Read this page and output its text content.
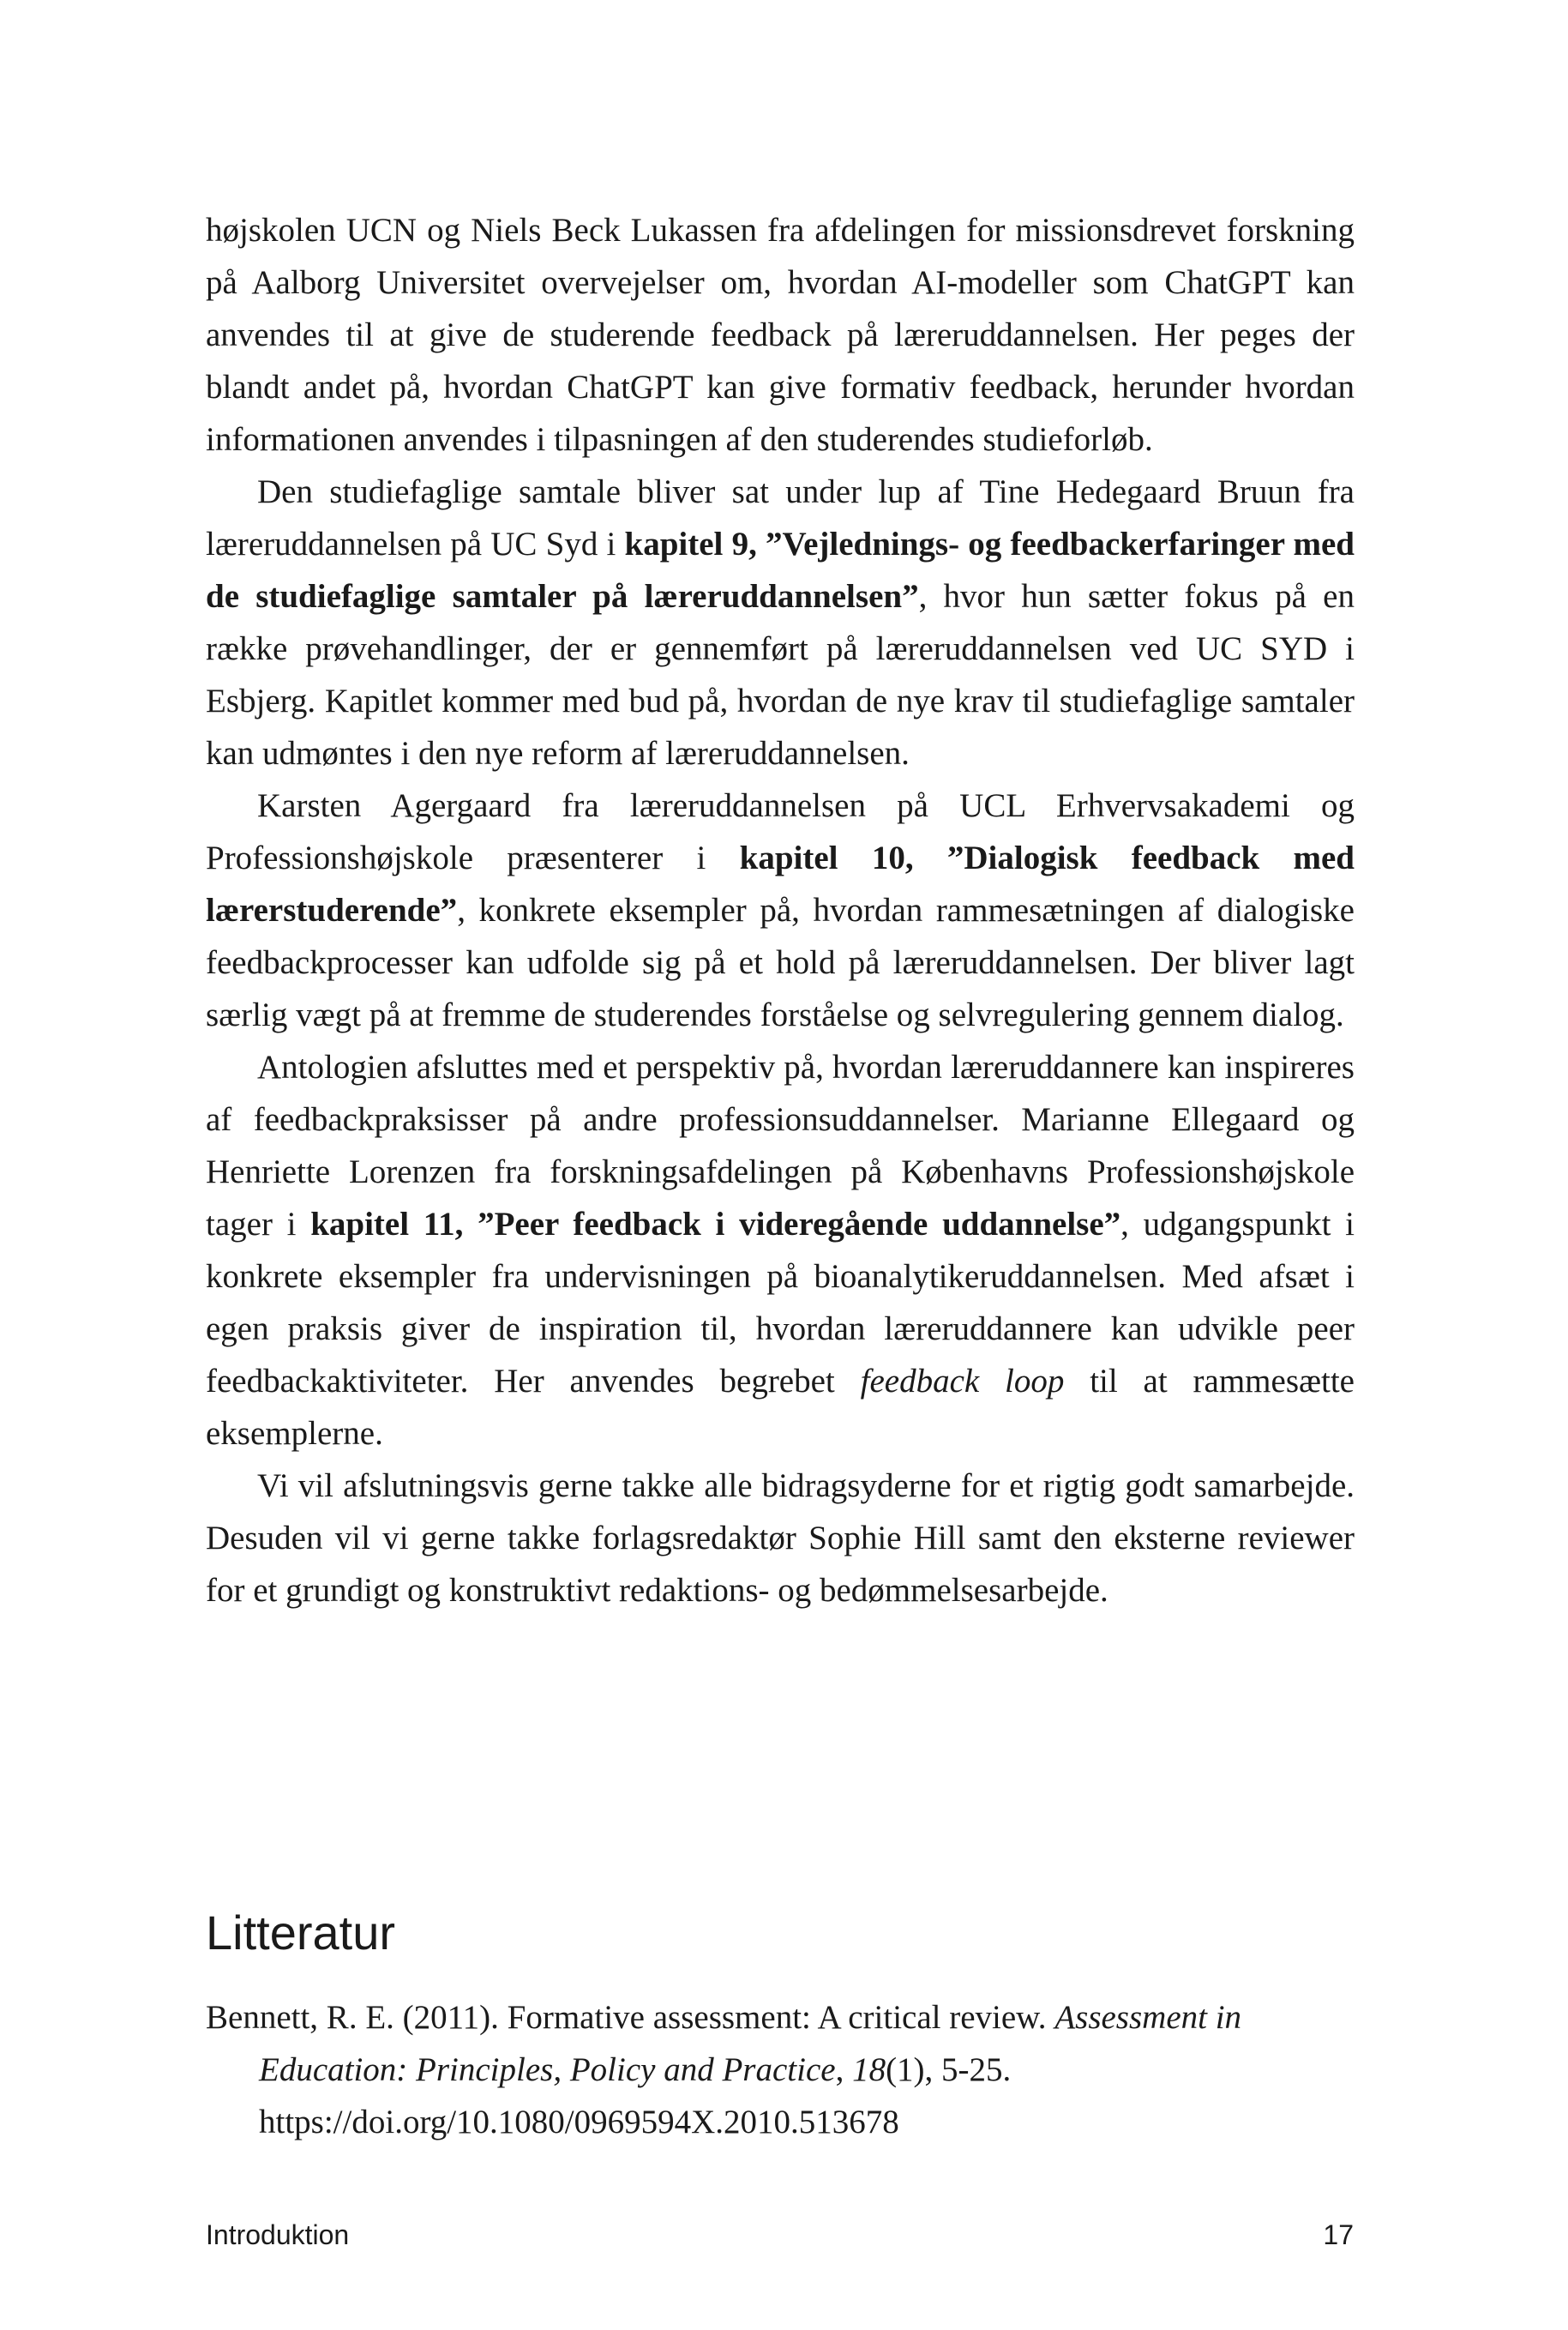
højskolen UCN og Niels Beck Lukassen fra afdelingen for missionsdrevet forskning på Aalborg Universitet overvejelser om, hvordan AI-modeller som ChatGPT kan anvendes til at give de studerende feedback på læreruddannelsen. Her peges der blandt andet på, hvordan ChatGPT kan give formativ feedback, herunder hvordan informationen anvendes i tilpasningen af den studerendes studieforløb.

Den studiefaglige samtale bliver sat under lup af Tine Hedegaard Bruun fra læreruddannelsen på UC Syd i kapitel 9, ”Vejlednings- og feedbackerfaringer med de studiefaglige samtaler på læreruddannelsen”, hvor hun sætter fokus på en række prøvehandlinger, der er gennemført på læreruddannelsen ved UC SYD i Esbjerg. Kapitlet kommer med bud på, hvordan de nye krav til studiefaglige samtaler kan udmøntes i den nye reform af læreruddannelsen.

Karsten Agergaard fra læreruddannelsen på UCL Erhvervsakademi og Professionshøjskole præsenterer i kapitel 10, ”Dialogisk feedback med lærerstuderende”, konkrete eksempler på, hvordan rammesætningen af dialogiske feedbackprocesser kan udfolde sig på et hold på læreruddannelsen. Der bliver lagt særlig vægt på at fremme de studerendes forståelse og selvregulering gennem dialog.

Antologien afsluttes med et perspektiv på, hvordan læreruddannere kan inspireres af feedbackpraksisser på andre professionsuddannelser. Marianne Ellegaard og Henriette Lorenzen fra forskningsafdelingen på Københavns Professionshøjskole tager i kapitel 11, ”Peer feedback i videregående uddannelse”, udgangspunkt i konkrete eksempler fra undervisningen på bioanalytikeruddannelsen. Med afsæt i egen praksis giver de inspiration til, hvordan læreruddannere kan udvikle peer feedbackaktiviteter. Her anvendes begrebet feedback loop til at rammesætte eksemplerne.

Vi vil afslutningsvis gerne takke alle bidragsyderne for et rigtig godt samarbejde. Desuden vil vi gerne takke forlagsredaktør Sophie Hill samt den eksterne reviewer for et grundigt og konstruktivt redaktions- og bedømmelsesarbejde.

Litteratur
Bennett, R. E. (2011). Formative assessment: A critical review. Assessment in
Education: Principles, Policy and Practice, 18(1), 5-25.
https://doi.org/10.1080/0969594X.2010.513678
Introduktion	17
